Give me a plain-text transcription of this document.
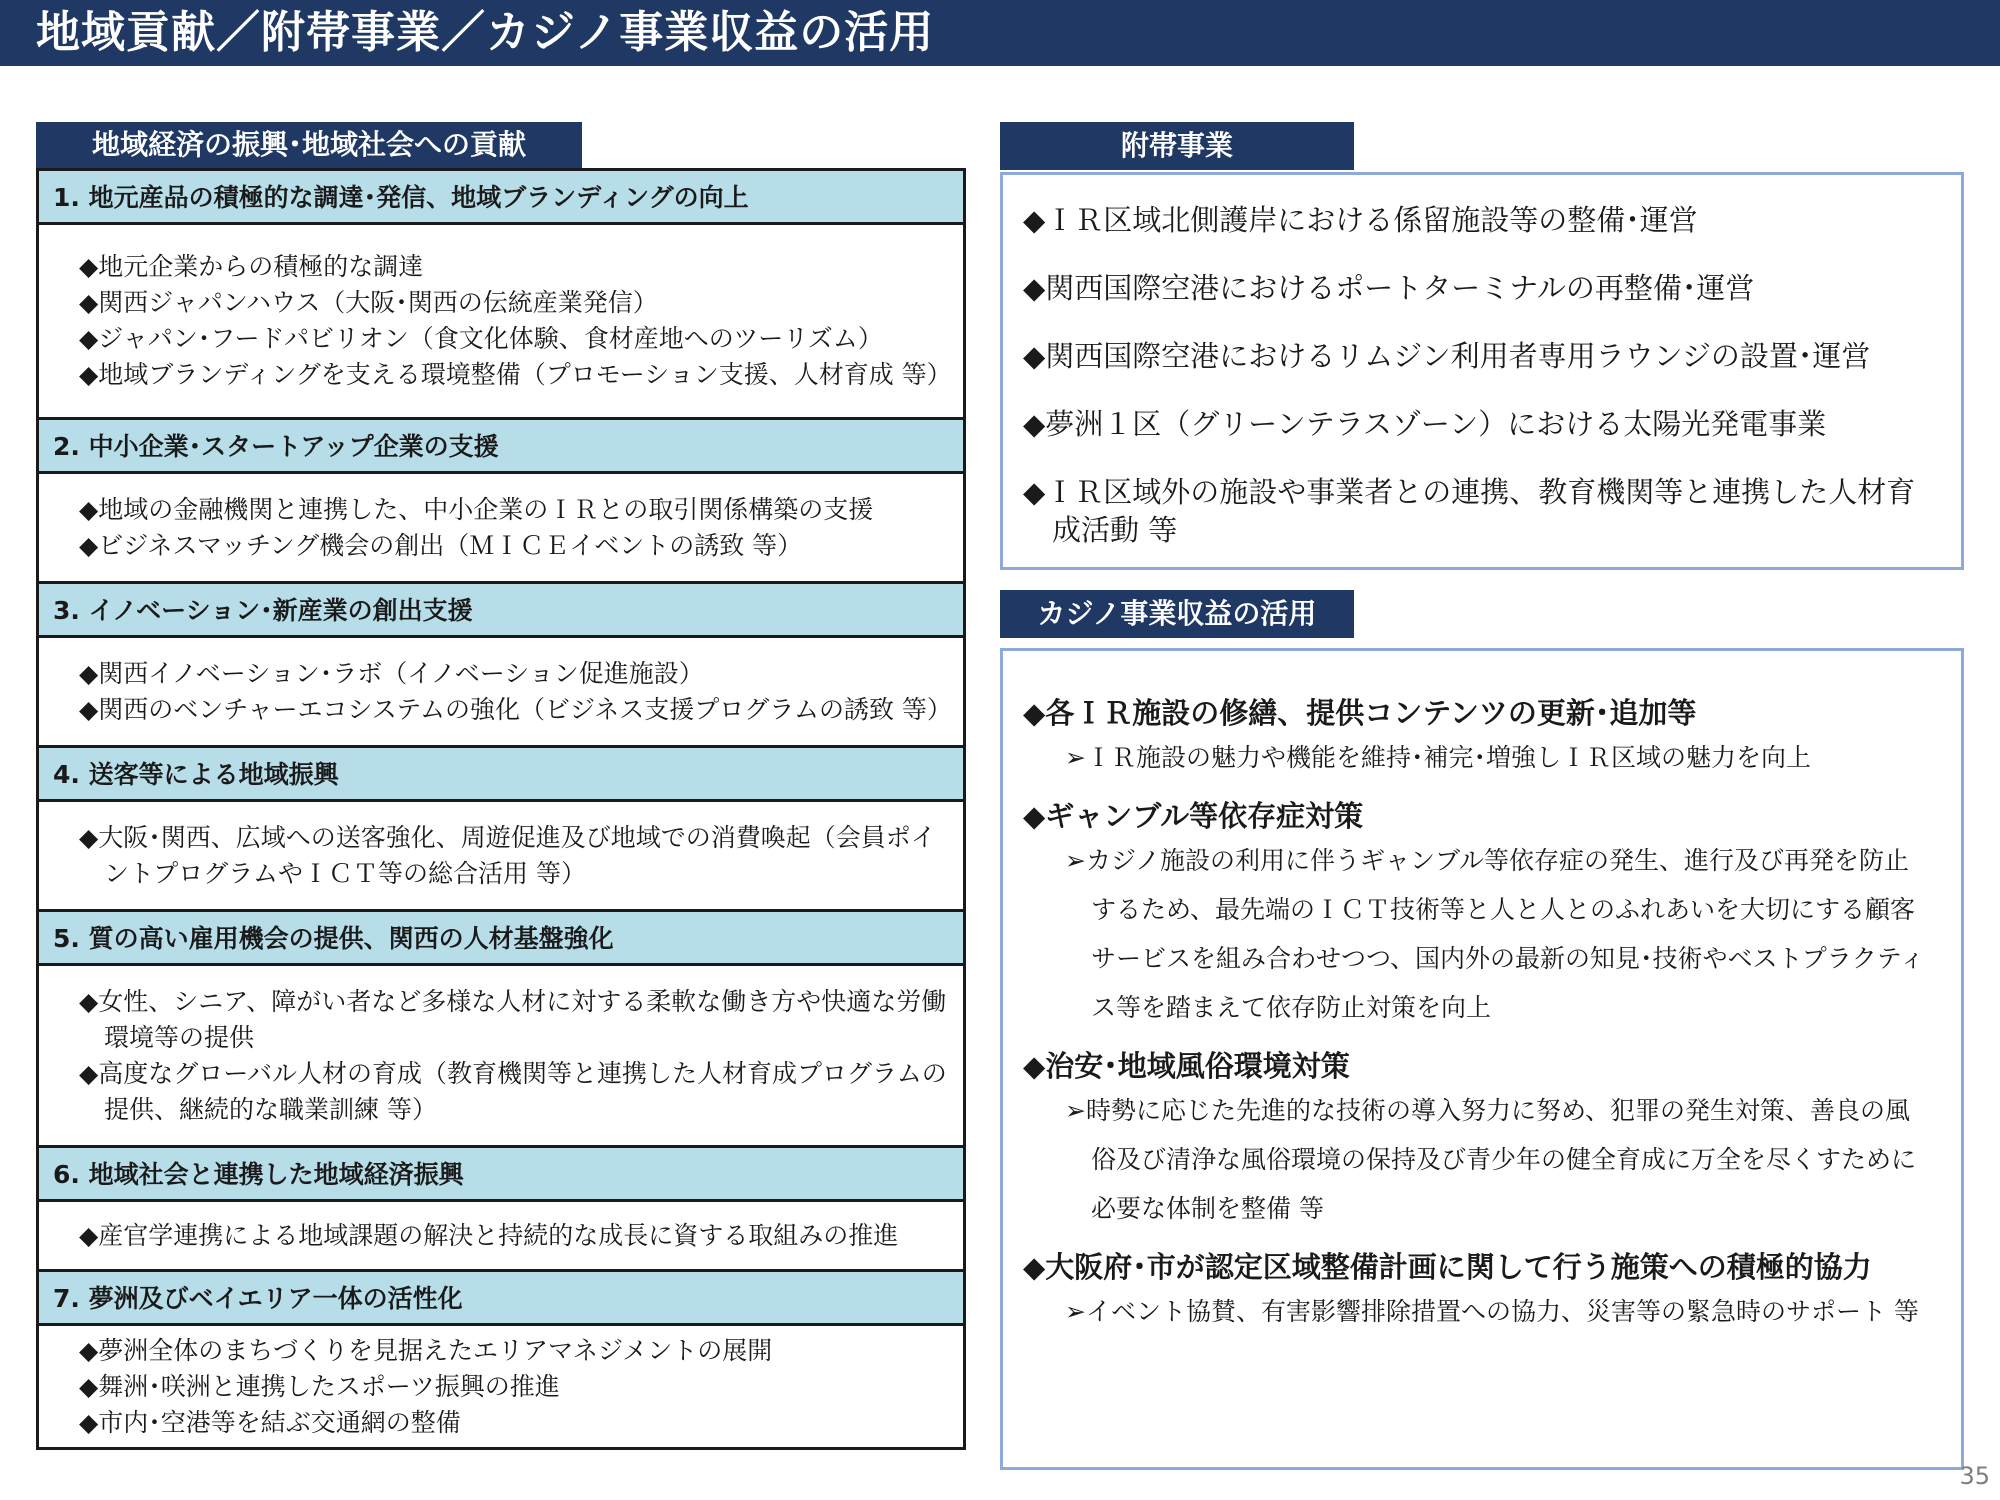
地域貢献／附帯事業／カジノ事業収益の活用
地域経済の振興･地域社会への貢献
1. 地元産品の積極的な調達･発信、地域ブランディングの向上
◆地元企業からの積極的な調達
◆関西ジャパンハウス（大阪･関西の伝統産業発信）
◆ジャパン･フードパビリオン（食文化体験、食材産地へのツーリズム）
◆地域ブランディングを支える環境整備（プロモーション支援、人材育成 等）
2. 中小企業･スタートアップ企業の支援
◆地域の金融機関と連携した、中小企業のＩＲとの取引関係構築の支援
◆ビジネスマッチング機会の創出（ＭＩＣＥイベントの誘致 等）
3. イノベーション･新産業の創出支援
◆関西イノベーション･ラボ（イノベーション促進施設）
◆関西のベンチャーエコシステムの強化（ビジネス支援プログラムの誘致 等）
4. 送客等による地域振興
◆大阪･関西、広域への送客強化、周遊促進及び地域での消費喚起（会員ポイントプログラムやＩＣＴ等の総合活用 等）
5. 質の高い雇用機会の提供、関西の人材基盤強化
◆女性、シニア、障がい者など多様な人材に対する柔軟な働き方や快適な労働環境等の提供
◆高度なグローバル人材の育成（教育機関等と連携した人材育成プログラムの提供、継続的な職業訓練 等）
6. 地域社会と連携した地域経済振興
◆産官学連携による地域課題の解決と持続的な成長に資する取組みの推進
7. 夢洲及びベイエリア一体の活性化
◆夢洲全体のまちづくりを見据えたエリアマネジメントの展開
◆舞洲･咲洲と連携したスポーツ振興の推進
◆市内･空港等を結ぶ交通網の整備
附帯事業
◆ＩＲ区域北側護岸における係留施設等の整備･運営
◆関西国際空港におけるポートターミナルの再整備･運営
◆関西国際空港におけるリムジン利用者専用ラウンジの設置･運営
◆夢洲１区（グリーンテラスゾーン）における太陽光発電事業
◆ＩＲ区域外の施設や事業者との連携、教育機関等と連携した人材育成活動 等
カジノ事業収益の活用
◆各ＩＲ施設の修繕、提供コンテンツの更新･追加等
➢ＩＲ施設の魅力や機能を維持･補完･増強しＩＲ区域の魅力を向上
◆ギャンブル等依存症対策
➢カジノ施設の利用に伴うギャンブル等依存症の発生、進行及び再発を防止するため、最先端のＩＣＴ技術等と人と人とのふれあいを大切にする顧客サービスを組み合わせつつ、国内外の最新の知見･技術やベストプラクティス等を踏まえて依存防止対策を向上
◆治安･地域風俗環境対策
➢時勢に応じた先進的な技術の導入努力に努め、犯罪の発生対策、善良の風俗及び清浄な風俗環境の保持及び青少年の健全育成に万全を尽くすために必要な体制を整備 等
◆大阪府･市が認定区域整備計画に関して行う施策への積極的協力
➢イベント協賛、有害影響排除措置への協力、災害等の緊急時のサポート 等
35
